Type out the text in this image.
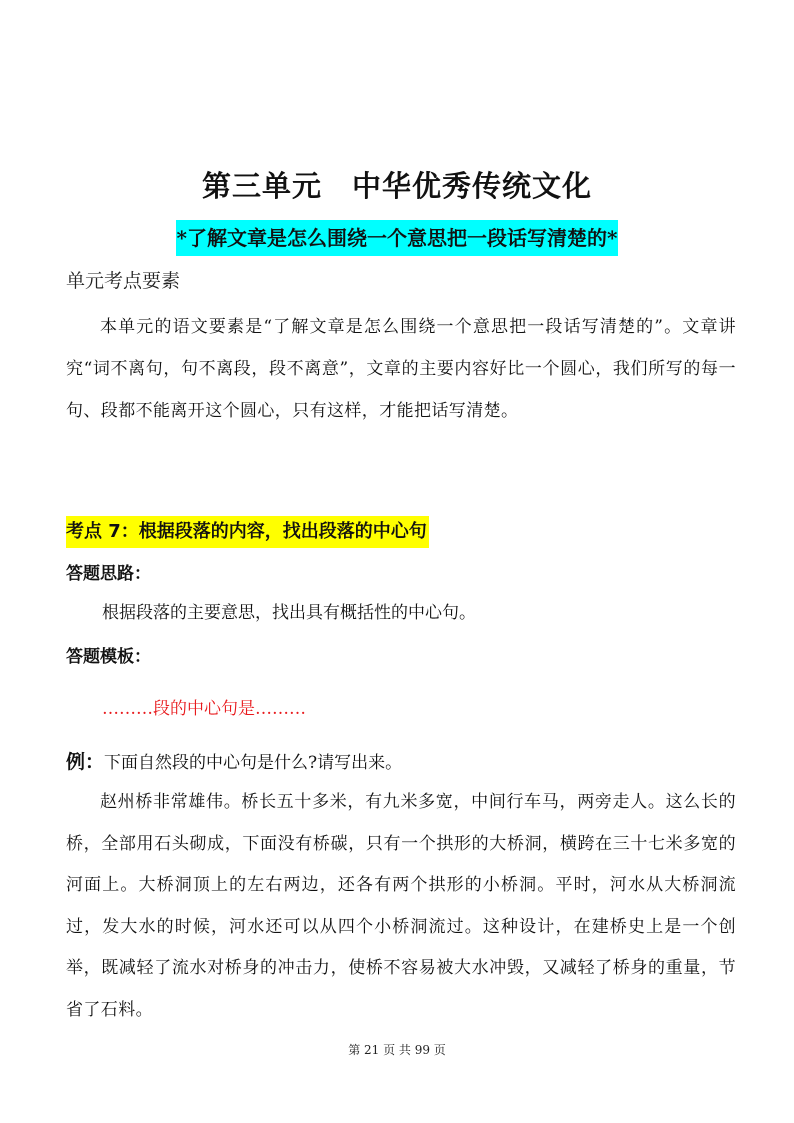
第三单元　中华优秀传统文化
*了解文章是怎么围绕一个意思把一段话写清楚的*
单元考点要素

本单元的语文要素是“了解文章是怎么围绕一个意思把一段话写清楚的”。文章讲究“词不离句，句不离段，段不离意”，文章的主要内容好比一个圆心，我们所写的每一句、段都不能离开这个圆心，只有这样，才能把话写清楚。

考点 7：根据段落的内容，找出段落的中心句
答题思路：
根据段落的主要意思，找出具有概括性的中心句。
答题模板：
………段的中心句是………
例：下面自然段的中心句是什么?请写出来。

赵州桥非常雄伟。桥长五十多米，有九米多宽，中间行车马，两旁走人。这么长的桥，全部用石头砌成，下面没有桥碳，只有一个拱形的大桥洞，横跨在三十七米多宽的河面上。大桥洞顶上的左右两边，还各有两个拱形的小桥洞。平时，河水从大桥洞流过，发大水的时候，河水还可以从四个小桥洞流过。这种设计，在建桥史上是一个创举，既减轻了流水对桥身的冲击力，使桥不容易被大水冲毁，又减轻了桥身的重量，节省了石料。

第 21 页 共 99 页
